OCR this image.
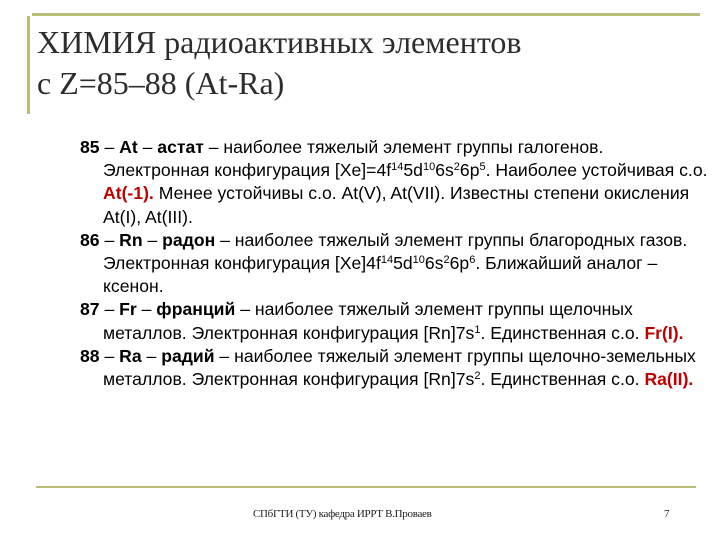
ХИМИЯ радиоактивных элементов
с Z=85–88 (At-Ra)

85 – At – астат – наиболее тяжелый элемент группы галогенов. Электронная конфигурация $[Xe]=4f^{14}5d^{10}6s^26p^5$. Наиболее устойчивая с.о. At(-1). Менее устойчивы с.о. At(V), At(VII). Известны степени окисления At(I), At(III).

86 – Rn – радон – наиболее тяжелый элемент группы благородных газов. Электронная конфигурация $[Xe]4f^{14}5d^{10}6s^26p^6$. Ближайший аналог – ксенон.

87 – Fr – франций – наиболее тяжелый элемент группы щелочных металлов. Электронная конфигурация $[Rn]7s^1$. Единственная с.о. Fr(I).

88 – Ra – радий – наиболее тяжелый элемент группы щелочно-земельных металлов. Электронная конфигурация $[Rn]7s^2$. Единственная с.о. Ra(II).

СПбГТИ (ТУ) кафедра ИРРТ В.Проваев	7
